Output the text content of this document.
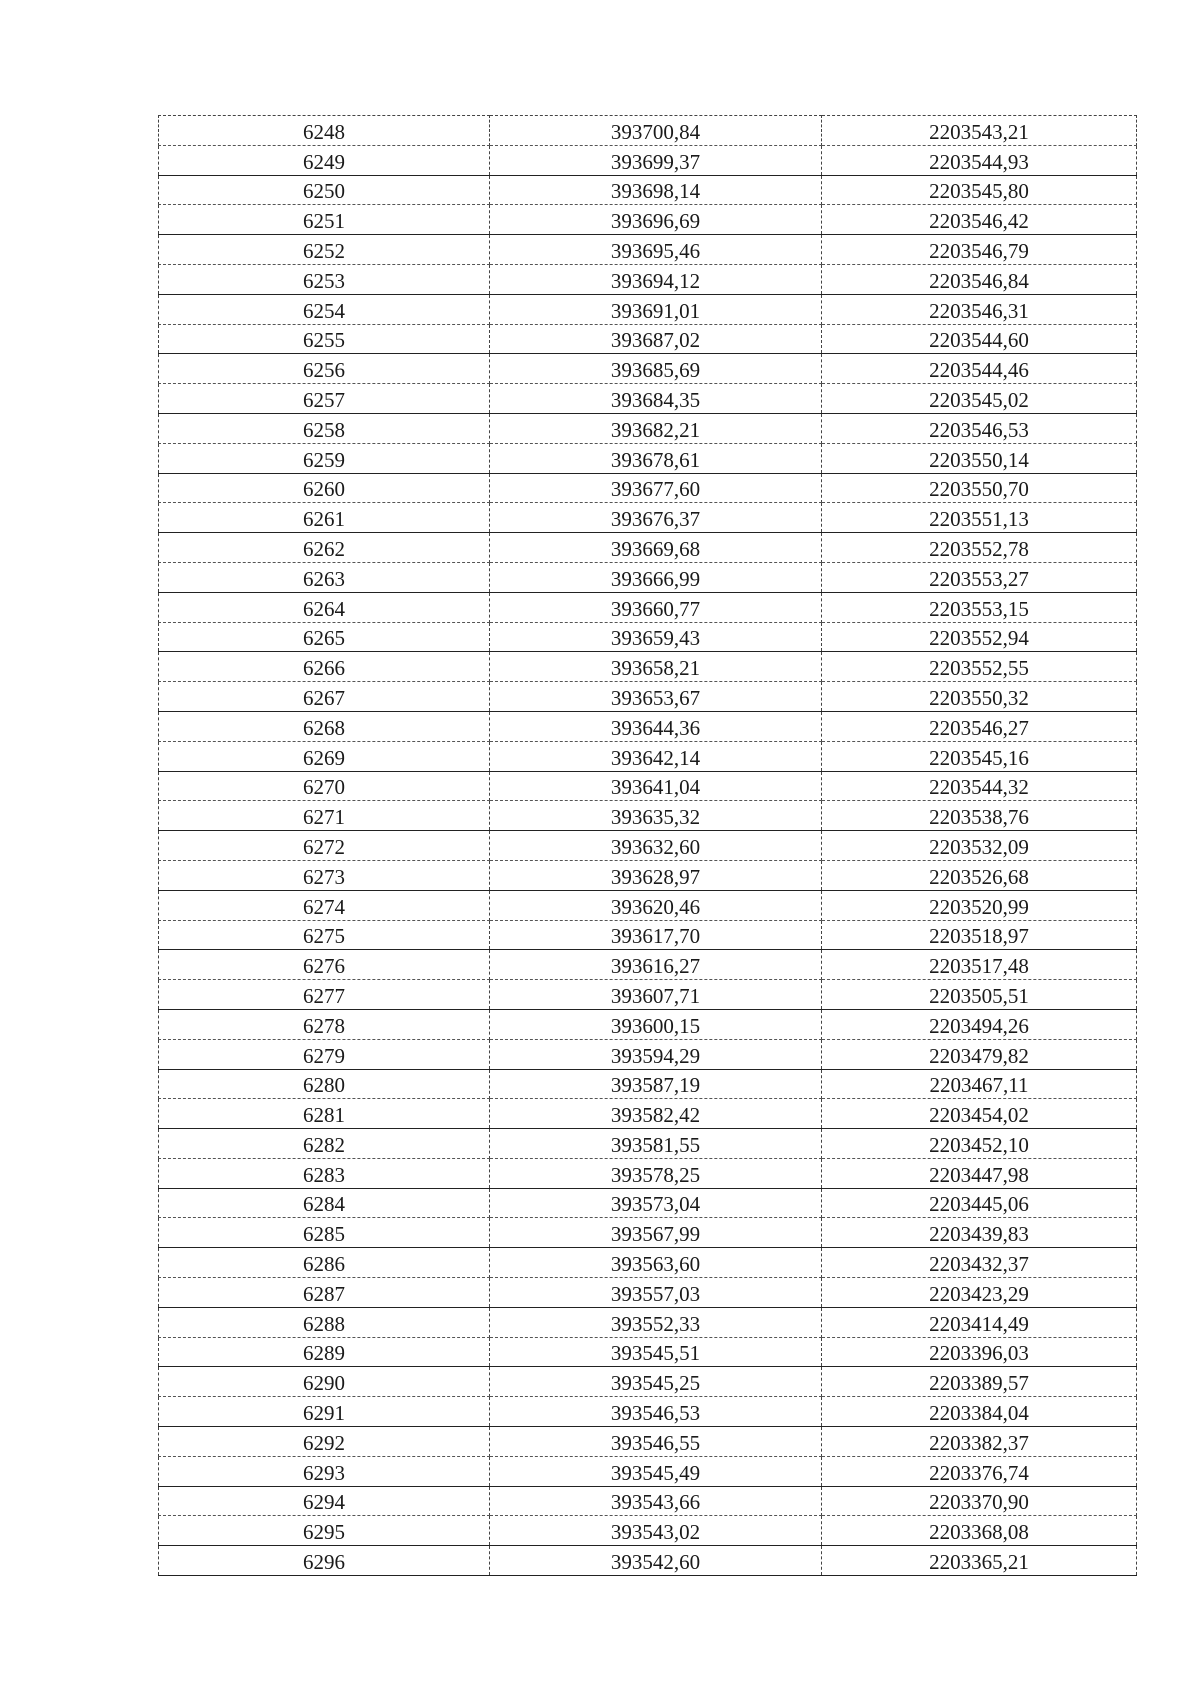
6248	393700,84	2203543,21
6249	393699,37	2203544,93
6250	393698,14	2203545,80
6251	393696,69	2203546,42
6252	393695,46	2203546,79
6253	393694,12	2203546,84
6254	393691,01	2203546,31
6255	393687,02	2203544,60
6256	393685,69	2203544,46
6257	393684,35	2203545,02
6258	393682,21	2203546,53
6259	393678,61	2203550,14
6260	393677,60	2203550,70
6261	393676,37	2203551,13
6262	393669,68	2203552,78
6263	393666,99	2203553,27
6264	393660,77	2203553,15
6265	393659,43	2203552,94
6266	393658,21	2203552,55
6267	393653,67	2203550,32
6268	393644,36	2203546,27
6269	393642,14	2203545,16
6270	393641,04	2203544,32
6271	393635,32	2203538,76
6272	393632,60	2203532,09
6273	393628,97	2203526,68
6274	393620,46	2203520,99
6275	393617,70	2203518,97
6276	393616,27	2203517,48
6277	393607,71	2203505,51
6278	393600,15	2203494,26
6279	393594,29	2203479,82
6280	393587,19	2203467,11
6281	393582,42	2203454,02
6282	393581,55	2203452,10
6283	393578,25	2203447,98
6284	393573,04	2203445,06
6285	393567,99	2203439,83
6286	393563,60	2203432,37
6287	393557,03	2203423,29
6288	393552,33	2203414,49
6289	393545,51	2203396,03
6290	393545,25	2203389,57
6291	393546,53	2203384,04
6292	393546,55	2203382,37
6293	393545,49	2203376,74
6294	393543,66	2203370,90
6295	393543,02	2203368,08
6296	393542,60	2203365,21
